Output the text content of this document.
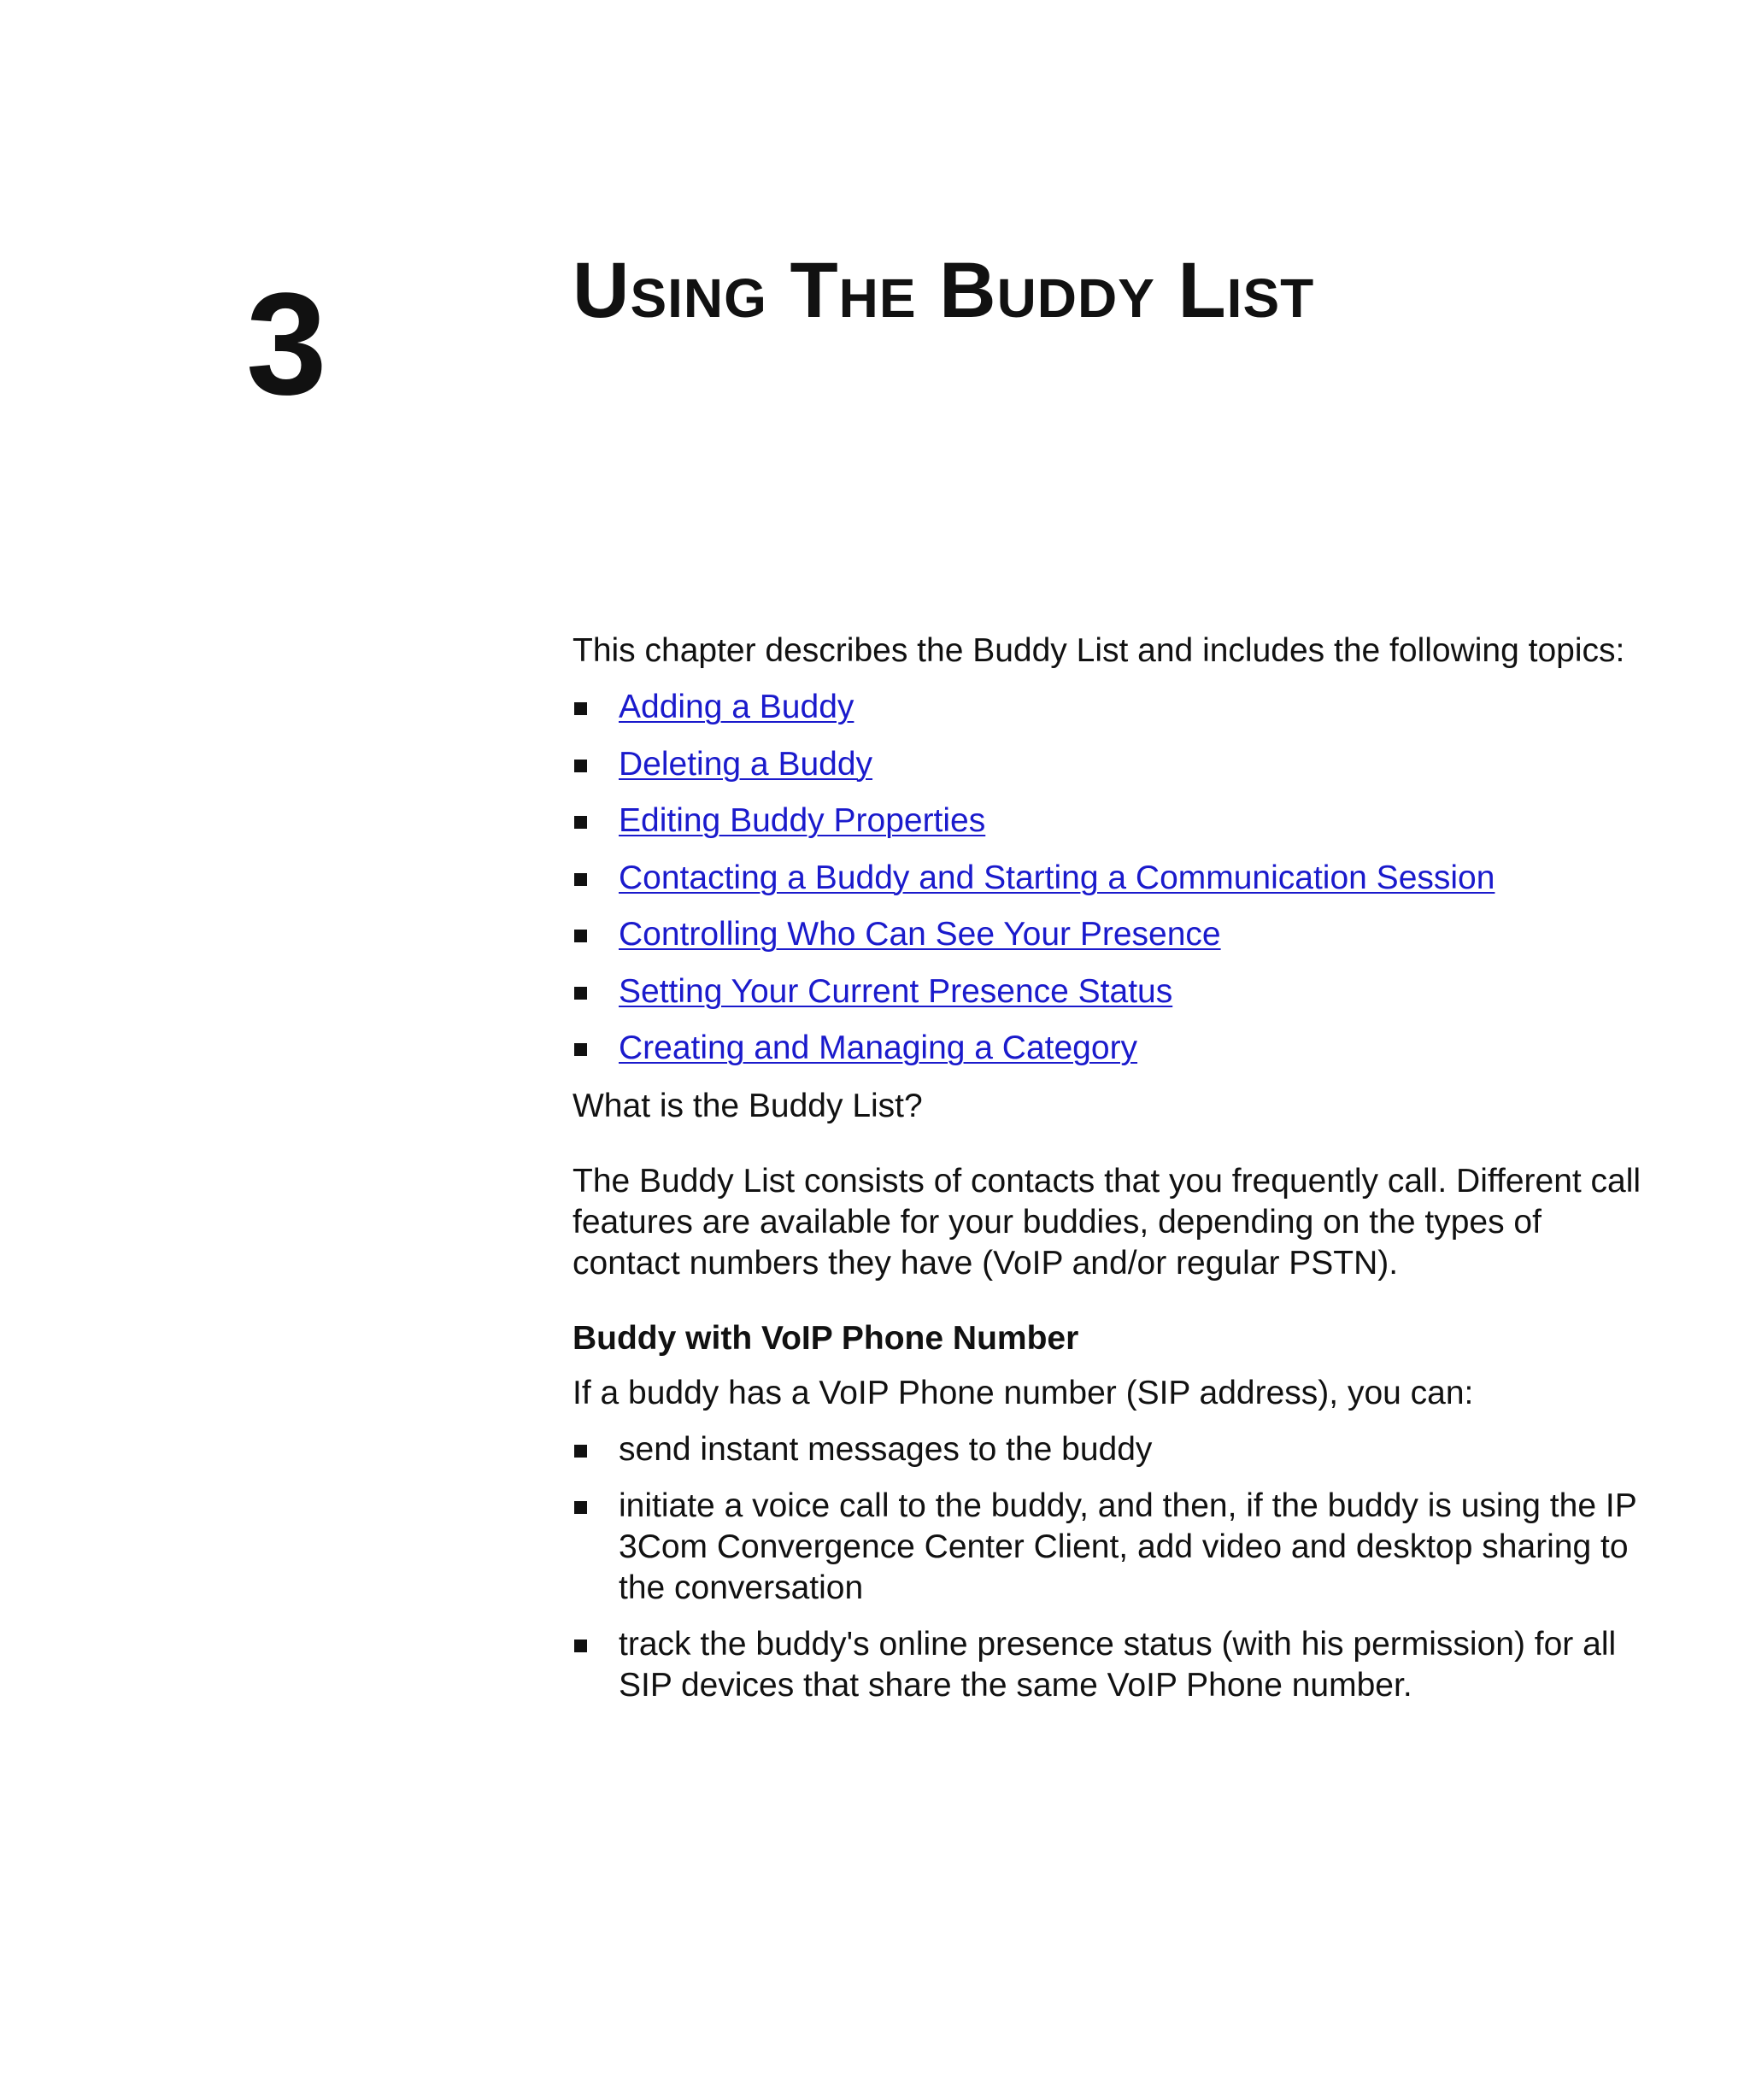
3	Using The Buddy List

This chapter describes the Buddy List and includes the following topics:

Adding a Buddy
Deleting a Buddy
Editing Buddy Properties
Contacting a Buddy and Starting a Communication Session
Controlling Who Can See Your Presence
Setting Your Current Presence Status
Creating and Managing a Category

What is the Buddy List?

The Buddy List consists of contacts that you frequently call. Different call features are available for your buddies, depending on the types of contact numbers they have (VoIP and/or regular PSTN).

Buddy with VoIP Phone Number

If a buddy has a VoIP Phone number (SIP address), you can:

send instant messages to the buddy
initiate a voice call to the buddy, and then, if the buddy is using the IP 3Com Convergence Center Client, add video and desktop sharing to the conversation
track the buddy's online presence status (with his permission) for all SIP devices that share the same VoIP Phone number.
